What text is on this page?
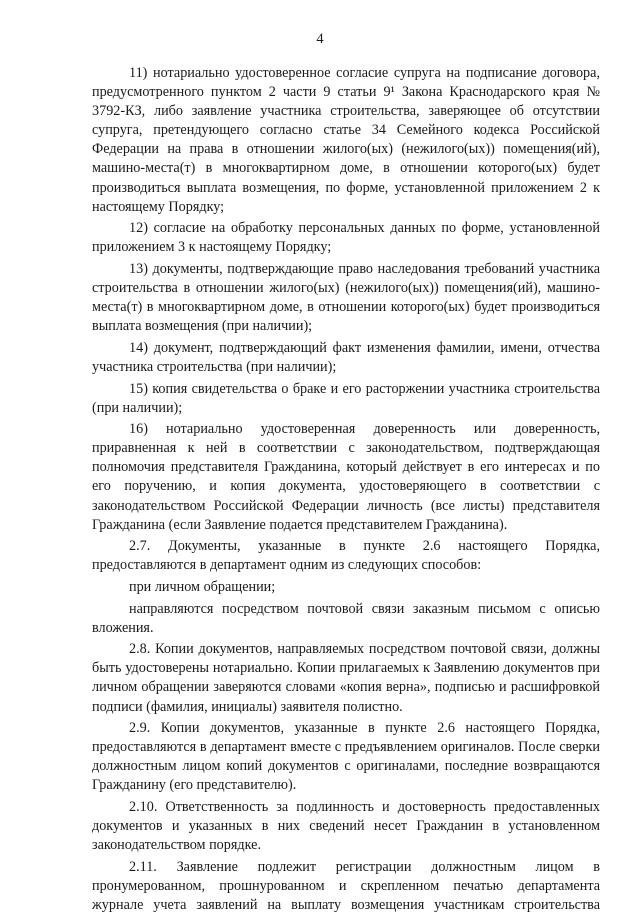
4

11) нотариально удостоверенное согласие супруга на подписание договора, предусмотренного пунктом 2 части 9 статьи 9¹ Закона Краснодарского края № 3792-КЗ, либо заявление участника строительства, заверяющее об отсутствии супруга, претендующего согласно статье 34 Семейного кодекса Российской Федерации на права в отношении жилого(ых) (нежилого(ых)) помещения(ий), машино-места(т) в многоквартирном доме, в отношении которого(ых) будет производиться выплата возмещения, по форме, установленной приложением 2 к настоящему Порядку;

12) согласие на обработку персональных данных по форме, установленной приложением 3 к настоящему Порядку;

13) документы, подтверждающие право наследования требований участника строительства в отношении жилого(ых) (нежилого(ых)) помещения(ий), машино-места(т) в многоквартирном доме, в отношении которого(ых) будет производиться выплата возмещения (при наличии);

14) документ, подтверждающий факт изменения фамилии, имени, отчества участника строительства (при наличии);

15) копия свидетельства о браке и его расторжении участника строительства (при наличии);

16) нотариально удостоверенная доверенность или доверенность, приравненная к ней в соответствии с законодательством, подтверждающая полномочия представителя Гражданина, который действует в его интересах и по его поручению, и копия документа, удостоверяющего в соответствии с законодательством Российской Федерации личность (все листы) представителя Гражданина (если Заявление подается представителем Гражданина).

2.7. Документы, указанные в пункте 2.6 настоящего Порядка, предоставляются в департамент одним из следующих способов:

при личном обращении;

направляются посредством почтовой связи заказным письмом с описью вложения.

2.8. Копии документов, направляемых посредством почтовой связи, должны быть удостоверены нотариально. Копии прилагаемых к Заявлению документов при личном обращении заверяются словами «копия верна», подписью и расшифровкой подписи (фамилия, инициалы) заявителя полистно.

2.9. Копии документов, указанные в пункте 2.6 настоящего Порядка, предоставляются в департамент вместе с предъявлением оригиналов. После сверки должностным лицом копий документов с оригиналами, последние возвращаются Гражданину (его представителю).

2.10. Ответственность за подлинность и достоверность предоставленных документов и указанных в них сведений несет Гражданин в установленном законодательством порядке.

2.11. Заявление подлежит регистрации должностным лицом в пронумерованном, прошнурованном и скрепленном печатью департамента журнале учета заявлений на выплату возмещения участникам строительства
